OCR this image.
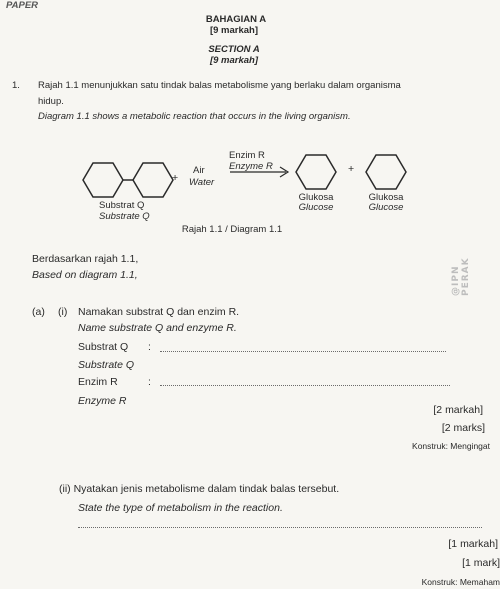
PAPER
BAHAGIAN A
[9 markah]
SECTION A
[9 markah]
1. Rajah 1.1 menunjukkan satu tindak balas metabolisme yang berlaku dalam organisma
hidup.
Diagram 1.1 shows a metabolic reaction that occurs in the living organism.
+
Air
Water
Enzim R
Enzyme R	+
Substrat Q
Substrate Q
Glukosa
Glucose
Glukosa
Glucose
Rajah 1.1 / Diagram 1.1
Berdasarkan rajah 1.1,
Based on diagram 1.1,	@IPN PERAK
(a) (i) Namakan substrat Q dan enzim R.
Name substrate Q and enzyme R.
Substrat Q :
Substrate Q
Enzim R	:
Enzyme R
[2 markah]
[2 marks]
Konstruk: Mengingat
(ii) Nyatakan jenis metabolisme dalam tindak balas tersebut.
State the type of metabolism in the reaction.
[1 markah]
[1 mark]
Konstruk: Memaham
